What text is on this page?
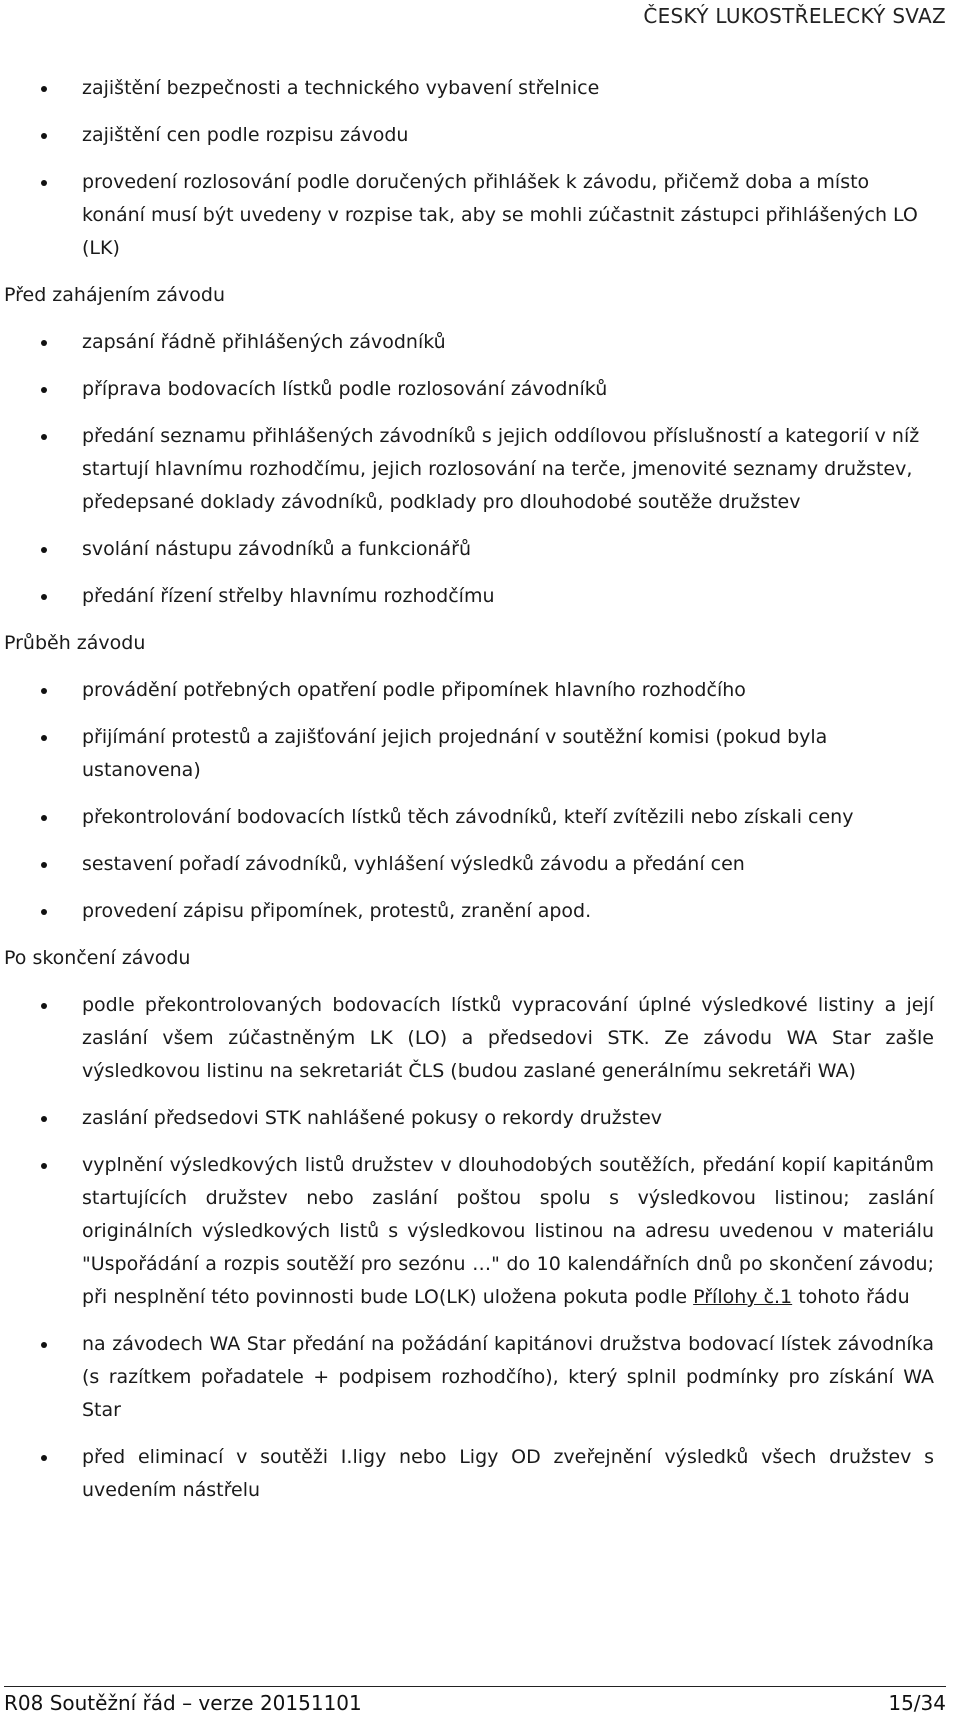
ČESKÝ LUKOSTŘELECKÝ SVAZ
zajištění bezpečnosti a technického vybavení střelnice
zajištění cen podle rozpisu závodu
provedení rozlosování podle doručených přihlášek k závodu, přičemž doba a místo konání musí být uvedeny v rozpise tak, aby se mohli zúčastnit zástupci přihlášených LO (LK)
Před zahájením závodu
zapsání řádně přihlášených závodníků
příprava bodovacích lístků podle rozlosování závodníků
předání seznamu přihlášených závodníků s jejich oddílovou příslušností a kategorií v níž startují hlavnímu rozhodčímu, jejich rozlosování na terče, jmenovité seznamy družstev, předepsané doklady závodníků, podklady pro dlouhodobé soutěže družstev
svolání nástupu závodníků a funkcionářů
předání řízení střelby hlavnímu rozhodčímu
Průběh závodu
provádění potřebných opatření podle připomínek hlavního rozhodčího
přijímání protestů a zajišťování jejich projednání v soutěžní komisi (pokud byla ustanovena)
překontrolování bodovacích lístků těch závodníků, kteří zvítězili nebo získali ceny
sestavení pořadí závodníků, vyhlášení výsledků závodu a předání cen
provedení zápisu připomínek, protestů, zranění apod.
Po skončení závodu
podle překontrolovaných bodovacích lístků vypracování úplné výsledkové listiny a její zaslání všem zúčastněným LK (LO) a předsedovi STK. Ze závodu WA Star zašle výsledkovou listinu na sekretariát ČLS (budou zaslané generálnímu sekretáři WA)
zaslání předsedovi STK nahlášené pokusy o rekordy družstev
vyplnění výsledkových listů družstev v dlouhodobých soutěžích, předání kopií kapitánům startujících družstev nebo zaslání poštou spolu s výsledkovou listinou; zaslání originálních výsledkových listů s výsledkovou listinou na adresu uvedenou v materiálu "Uspořádání a rozpis soutěží pro sezónu …" do 10 kalendářních dnů po skončení závodu; při nesplnění této povinnosti bude LO(LK) uložena pokuta podle Přílohy č.1 tohoto řádu
na závodech WA Star předání na požádání kapitánovi družstva bodovací lístek závodníka (s razítkem pořadatele + podpisem rozhodčího), který splnil podmínky pro získání WA Star
před eliminací v soutěži I.ligy nebo Ligy OD zveřejnění výsledků všech družstev s uvedením nástřelu
R08 Soutěžní řád – verze 20151101	15/34
